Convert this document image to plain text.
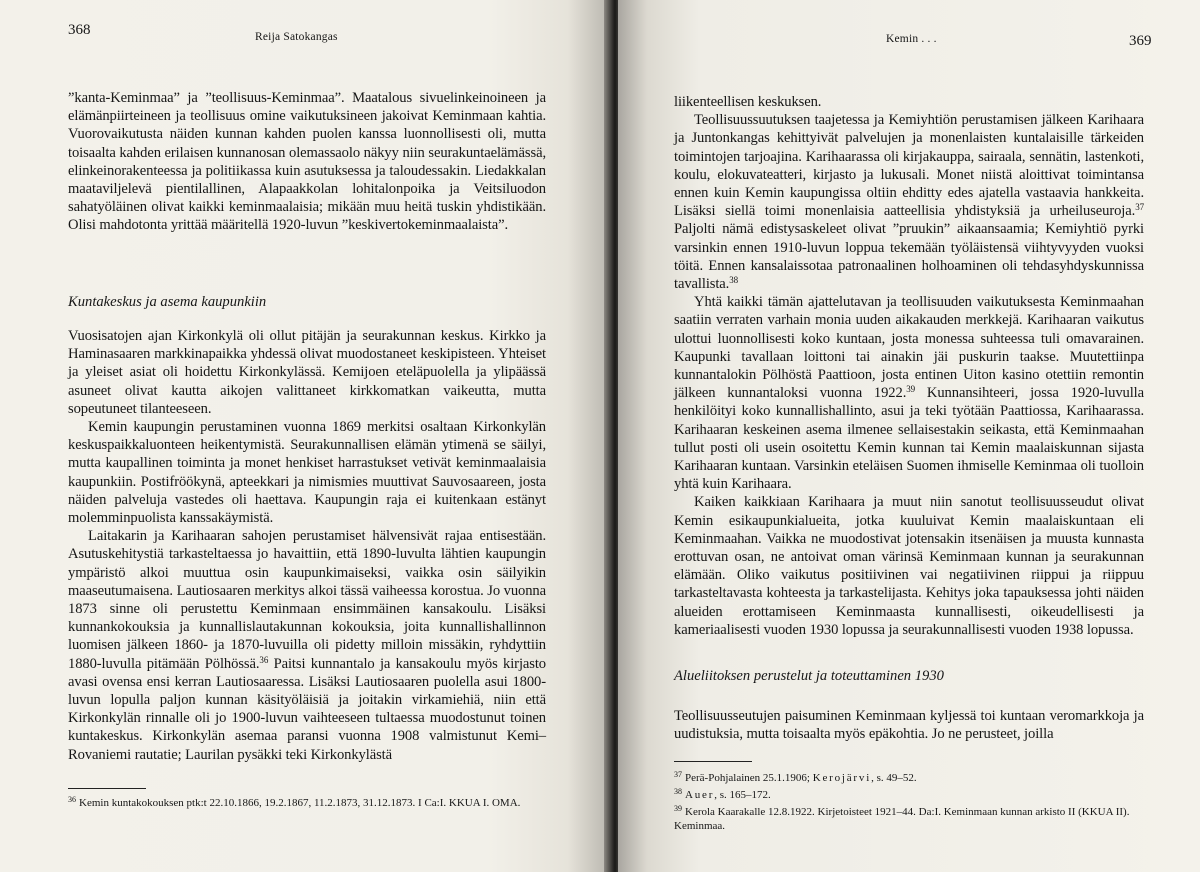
368	Reija Satokangas

”kanta-Keminmaa” ja ”teollisuus-Keminmaa”. Maatalous sivuelinkeinoineen ja elämänpiirteineen ja teollisuus omine vaikutuksineen jakoivat Keminmaan kahtia. Vuorovaikutusta näiden kunnan kahden puolen kanssa luonnollisesti oli, mutta toisaalta kahden erilaisen kunnanosan olemassaolo näkyy niin seurakuntaelämässä, elinkeinorakenteessa ja politiikassa kuin asutuksessa ja taloudessakin. Liedakkalan maataviljelevä pientilallinen, Alapaakkolan lohitalonpoika ja Veitsiluodon sahatyöläinen olivat kaikki keminmaalaisia; mikään muu heitä tuskin yhdistikään. Olisi mahdotonta yrittää määritellä 1920-luvun ”keskivertokeminmaalaista”.

Kuntakeskus ja asema kaupunkiin

Vuosisatojen ajan Kirkonkylä oli ollut pitäjän ja seurakunnan keskus. Kirkko ja Haminasaaren markkinapaikka yhdessä olivat muodostaneet keskipisteen. Yhteiset ja yleiset asiat oli hoidettu Kirkonkylässä. Kemijoen eteläpuolella ja ylipäässä asuneet olivat kautta aikojen valittaneet kirkkomatkan vaikeutta, mutta sopeutuneet tilanteeseen.

Kemin kaupungin perustaminen vuonna 1869 merkitsi osaltaan Kirkonkylän keskuspaikkaluonteen heikentymistä. Seurakunnallisen elämän ytimenä se säilyi, mutta kaupallinen toiminta ja monet henkiset harrastukset vetivät keminmaalaisia kaupunkiin. Postifröökynä, apteekkari ja nimismies muuttivat Sauvosaareen, josta näiden palveluja vastedes oli haettava. Kaupungin raja ei kuitenkaan estänyt molemminpuolista kanssakäymistä.

Laitakarin ja Karihaaran sahojen perustamiset hälvensivät rajaa entisestään. Asutuskehitystiä tarkasteltaessa jo havaittiin, että 1890-luvulta lähtien kaupungin ympäristö alkoi muuttua osin kaupunkimaiseksi, vaikka osin säilyikin maaseutumaisena. Lautiosaaren merkitys alkoi tässä vaiheessa korostua. Jo vuonna 1873 sinne oli perustettu Keminmaan ensimmäinen kansakoulu. Lisäksi kunnankokouksia ja kunnallislautakunnan kokouksia, joita kunnallishallinnon luomisen jälkeen 1860- ja 1870-luvuilla oli pidetty milloin missäkin, ryhdyttiin 1880-luvulla pitämään Pölhössä.$^{36}$ Paitsi kunnantalo ja kansakoulu myös kirjasto avasi ovensa ensi kerran Lautiosaaressa. Lisäksi Lautiosaaren puolella asui 1800-luvun lopulla paljon kunnan käsityöläisiä ja joitakin virkamiehiä, niin että Kirkonkylän rinnalle oli jo 1900-luvun vaihteeseen tultaessa muodostunut toinen kuntakeskus. Kirkonkylän asemaa paransi vuonna 1908 valmistunut Kemi–Rovaniemi rautatie; Laurilan pysäkki teki Kirkonkylästä

$^{36}$ Kemin kuntakokouksen ptk:t 22.10.1866, 19.2.1867, 11.2.1873, 31.12.1873. I Ca:I. KKUA I. OMA.

Kemin . . .	369

liikenteellisen keskuksen.

Teollisuussuutuksen taajetessa ja Kemiyhtiön perustamisen jälkeen Karihaara ja Juntonkangas kehittyivät palvelujen ja monenlaisten kuntalaisille tärkeiden toimintojen tarjoajina. Karihaarassa oli kirjakauppa, sairaala, sennätin, lastenkoti, koulu, elokuvateatteri, kirjasto ja lukusali. Monet niistä aloittivat toimintansa ennen kuin Kemin kaupungissa oltiin ehditty edes ajatella vastaavia hankkeita. Lisäksi siellä toimi monenlaisia aatteellisia yhdistyksiä ja urheiluseuroja.$^{37}$ Paljolti nämä edistysaskeleet olivat ”pruukin” aikaansaamia; Kemiyhtiö pyrki varsinkin ennen 1910-luvun loppua tekemään työläistensä viihtyvyyden vuoksi töitä. Ennen kansalaissotaa patronaalinen holhoaminen oli tehdasyhdyskunnissa tavallista.$^{38}$

Yhtä kaikki tämän ajattelutavan ja teollisuuden vaikutuksesta Keminmaahan saatiin verraten varhain monia uuden aikakauden merkkejä. Karihaaran vaikutus ulottui luonnollisesti koko kuntaan, josta monessa suhteessa tuli omavarainen. Kaupunki tavallaan loittoni tai ainakin jäi puskurin taakse. Muutettiinpa kunnantalokin Pölhöstä Paattioon, josta entinen Uiton kasino otettiin remontin jälkeen kunnantaloksi vuonna 1922.39 Kunnansihteeri, jossa 1920-luvulla henkilöityi koko kunnallishallinto, asui ja teki työtään Paattiossa, Karihaarassa. Karihaaran keskeinen asema ilmenee sellaisestakin seikasta, että Keminmaahan tullut posti oli usein osoitettu Kemin kunnan tai Kemin maalaiskunnan sijasta Karihaaran kuntaan. Varsinkin eteläisen Suomen ihmiselle Keminmaa oli tuolloin yhtä kuin Karihaara.

Kaiken kaikkiaan Karihaara ja muut niin sanotut teollisuusseudut olivat Kemin esikaupunkialueita, jotka kuuluivat Kemin maalaiskuntaan eli Keminmaahan. Vaikka ne muodostivat jotensakin itsenäisen ja muusta kunnasta erottuvan osan, ne antoivat oman värinsä Keminmaan kunnan ja seurakunnan elämään. Oliko vaikutus positiivinen vai negatiivinen riippui ja riippuu tarkasteltavasta kohteesta ja tarkastelijasta. Kehitys joka tapauksessa johti näiden alueiden erottamiseen Keminmaasta kunnallisesti, oikeudellisesti ja kameriaalisesti vuoden 1930 lopussa ja seurakunnallisesti vuoden 1938 lopussa.

Alueliitoksen perustelut ja toteuttaminen 1930

Teollisuusseutujen paisuminen Keminmaan kyljessä toi kuntaan veromarkkoja ja uudistuksia, mutta toisaalta myös epäkohtia. Jo ne perusteet, joilla

$^{37}$ Perä-Pohjalainen 25.1.1906; Kerojärvi, s. 49–52.

$^{38}$ Auer, s. 165–172.

$^{39}$ Kerola Kaarakalle 12.8.1922. Kirjetoisteet 1921–44. Da:I. Keminmaan kunnan arkisto II (KKUA II). Keminmaa.
